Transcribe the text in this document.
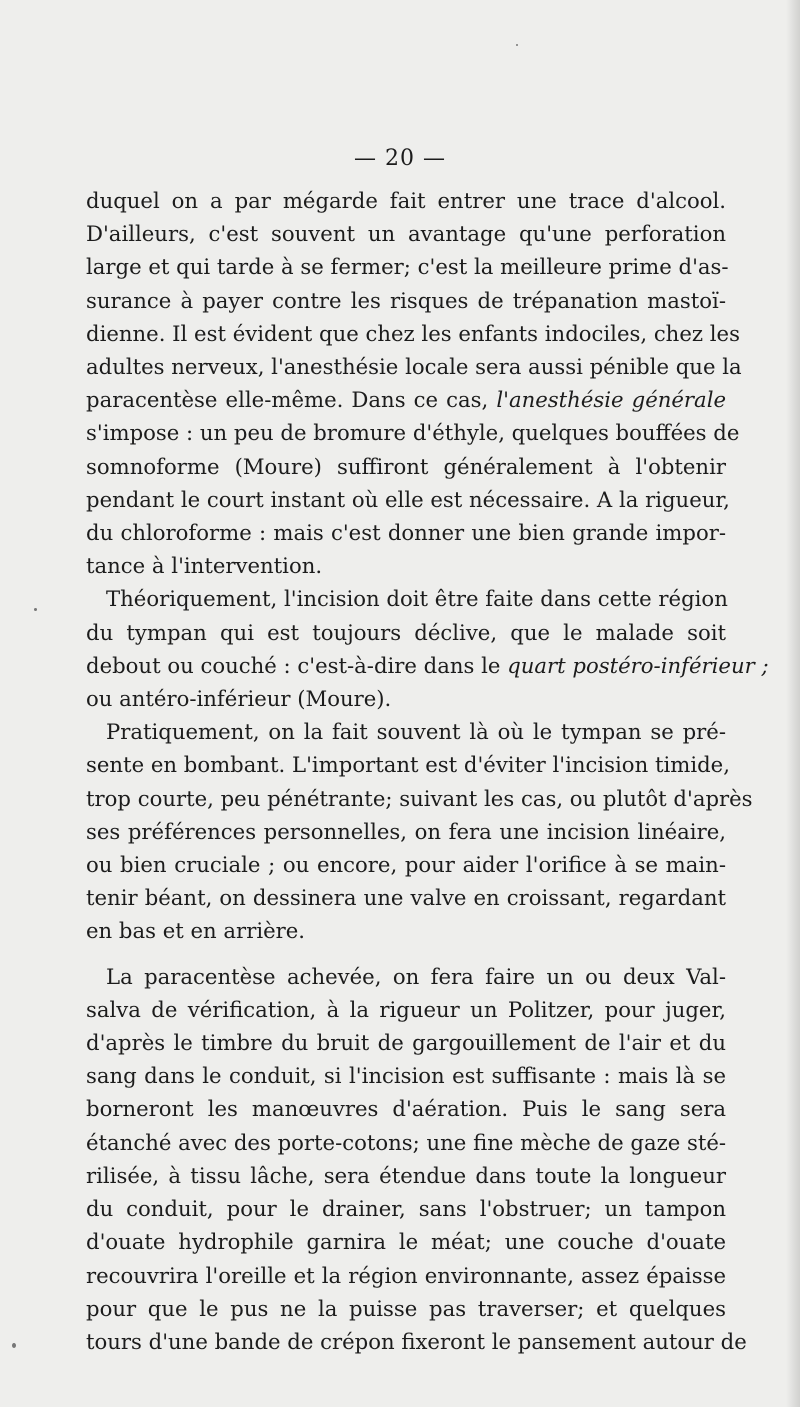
— 20 —

duquel on a par mégarde fait entrer une trace d'alcool.
D'ailleurs, c'est souvent un avantage qu'une perforation
large et qui tarde à se fermer; c'est la meilleure prime d'as-
surance à payer contre les risques de trépanation mastoï-
dienne. Il est évident que chez les enfants indociles, chez les
adultes nerveux, l'anesthésie locale sera aussi pénible que la
paracentèse elle-même. Dans ce cas, l'anesthésie générale
s'impose : un peu de bromure d'éthyle, quelques bouffées de
somnoforme (Moure) suffiront généralement à l'obtenir
pendant le court instant où elle est nécessaire. A la rigueur,
du chloroforme : mais c'est donner une bien grande impor-
tance à l'intervention.

Théoriquement, l'incision doit être faite dans cette région
du tympan qui est toujours déclive, que le malade soit
debout ou couché : c'est-à-dire dans le quart postéro-inférieur ;
ou antéro-inférieur (Moure).

Pratiquement, on la fait souvent là où le tympan se pré-
sente en bombant. L'important est d'éviter l'incision timide,
trop courte, peu pénétrante; suivant les cas, ou plutôt d'après
ses préférences personnelles, on fera une incision linéaire,
ou bien cruciale ; ou encore, pour aider l'orifice à se main-
tenir béant, on dessinera une valve en croissant, regardant
en bas et en arrière.

La paracentèse achevée, on fera faire un ou deux Val-
salva de vérification, à la rigueur un Politzer, pour juger,
d'après le timbre du bruit de gargouillement de l'air et du
sang dans le conduit, si l'incision est suffisante : mais là se
borneront les manœuvres d'aération. Puis le sang sera
étanché avec des porte-cotons; une fine mèche de gaze sté-
rilisée, à tissu lâche, sera étendue dans toute la longueur
du conduit, pour le drainer, sans l'obstruer; un tampon
d'ouate hydrophile garnira le méat; une couche d'ouate
recouvrira l'oreille et la région environnante, assez épaisse
pour que le pus ne la puisse pas traverser; et quelques
tours d'une bande de crépon fixeront le pansement autour de
